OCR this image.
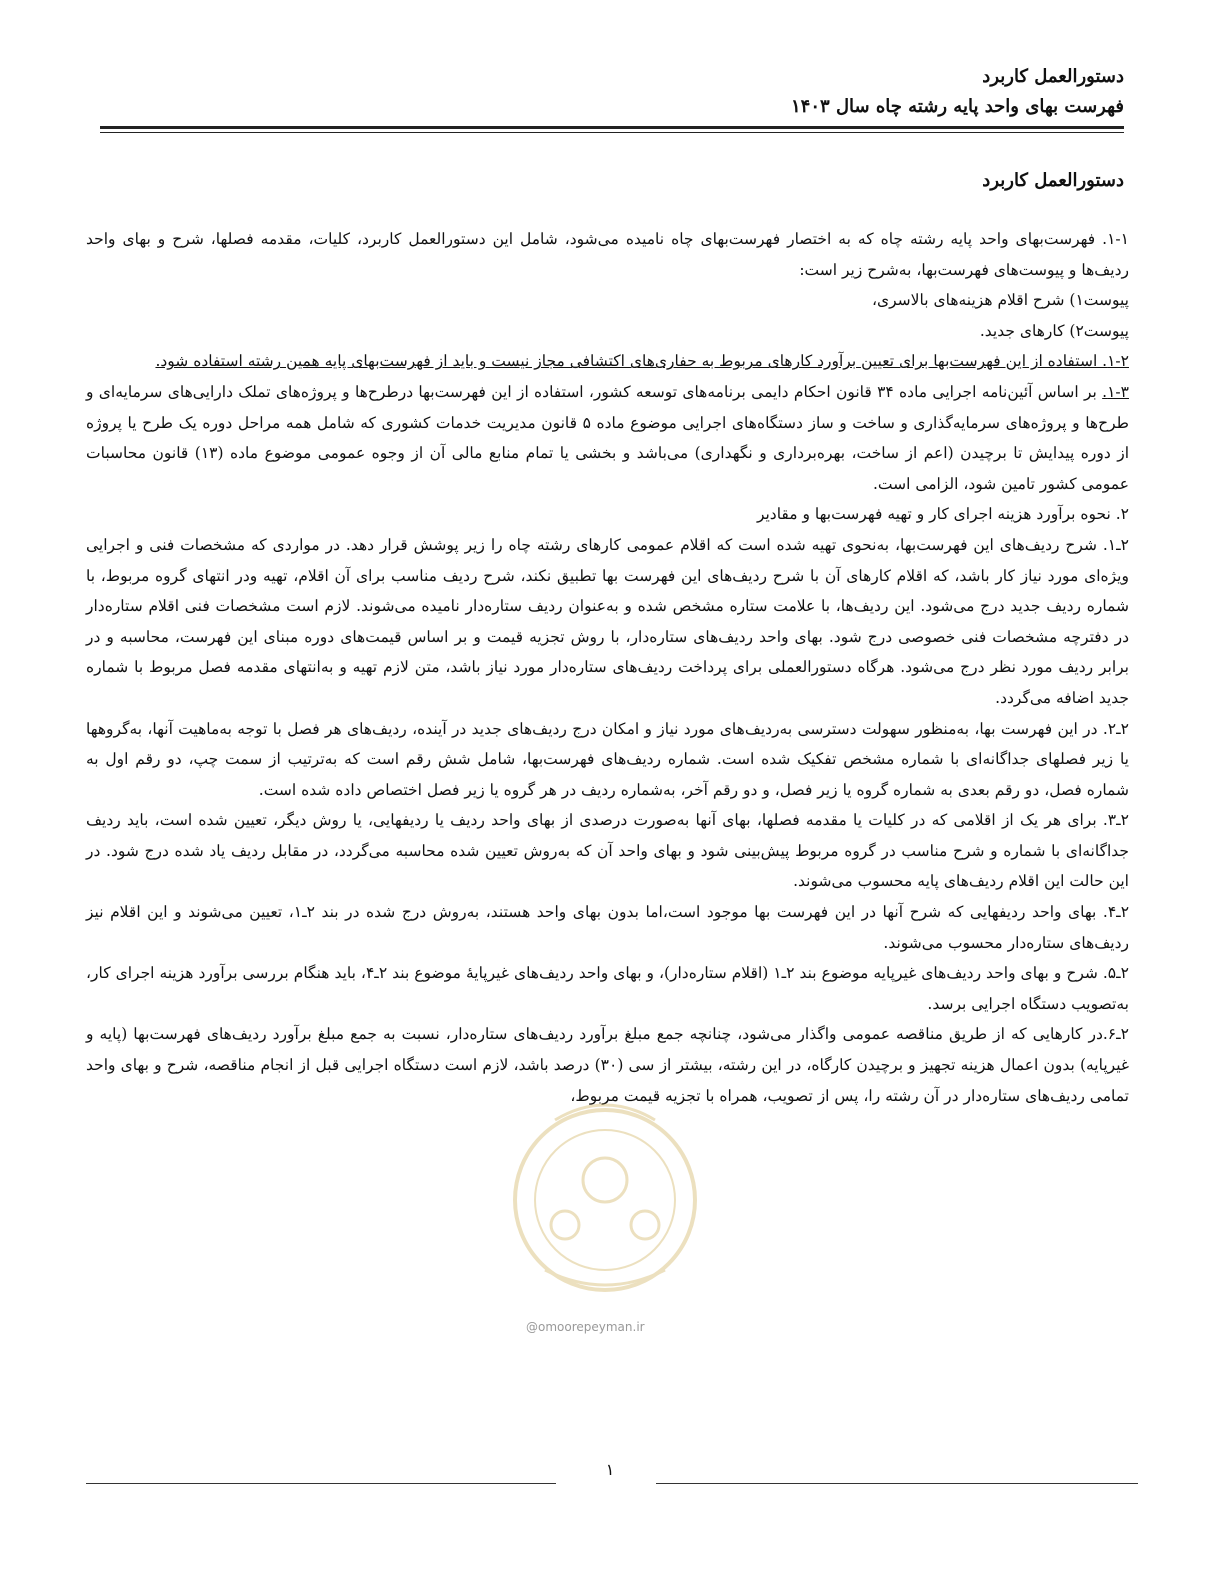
دستورالعمل کاربرد
فهرست بهای واحد پایه رشته چاه سال ۱۴۰۳
دستورالعمل کاربرد

۱-۱. فهرست‌بهای واحد پایه رشته چاه که به اختصار فهرست‌بهای چاه نامیده می‌شود، شامل این دستورالعمل کاربرد، کلیات، مقدمه فصلها، شرح و بهای واحد ردیف‌ها و پیوست‌های فهرست‌بها، به‌شرح زیر است:

پیوست۱) شرح اقلام هزینه‌های بالاسری،

پیوست۲) کارهای جدید.

۱-۲. استفاده از این فهرست‌بها برای تعیین برآورد کارهای مربوط به حفاری‌های اکتشافی مجاز نیست و باید از فهرست‌بهای پایه همین رشته استفاده شود.

۱-۳. بر اساس آئین‌نامه اجرایی ماده ۳۴ قانون احکام دایمی برنامه‌های توسعه کشور، استفاده از این فهرست‌بها درطرح‌ها و پروژه‌های تملک دارایی‌های سرمایه‌ای و طرح‌ها و پروژه‌های سرمایه‌گذاری و ساخت و ساز دستگاه‌های اجرایی موضوع ماده ۵ قانون مدیریت خدمات کشوری که شامل همه مراحل دوره یک طرح یا پروژه از دوره پیدایش تا برچیدن (اعم از ساخت، بهره‌برداری و نگهداری) می‌باشد و بخشی یا تمام منابع مالی آن از وجوه عمومی موضوع ماده (۱۳) قانون محاسبات عمومی کشور تامین شود، الزامی است.

۲. نحوه برآورد هزینه اجرای کار و تهیه فهرست‌بها و مقادیر

۲ـ۱. شرح ردیف‌های این فهرست‌بها، به‌نحوی تهیه شده است که اقلام عمومی کارهای رشته چاه را زیر پوشش قرار دهد. در مواردی که مشخصات فنی و اجرایی ویژه‌ای مورد نیاز کار باشد، که اقلام کارهای آن با شرح ردیف‌های این فهرست بها تطبیق نکند، شرح ردیف مناسب برای آن اقلام، تهیه ودر انتهای گروه مربوط، با شماره ردیف جدید درج می‌شود. این ردیف‌ها، با علامت ستاره مشخص شده و به‌عنوان ردیف ستاره‌دار نامیده می‌شوند. لازم است مشخصات فنی اقلام ستاره‌دار در دفترچه مشخصات فنی خصوصی درج شود. بهای واحد ردیف‌های ستاره‌دار، با روش تجزیه قیمت و بر اساس قیمت‌های دوره مبنای این فهرست، محاسبه و در برابر ردیف مورد نظر درج می‌شود. هرگاه دستورالعملی برای پرداخت ردیف‌های ستاره‌دار مورد نیاز باشد، متن لازم تهیه و به‌انتهای مقدمه فصل مربوط با شماره جدید اضافه می‌گردد.

۲ـ۲. در این فهرست بها، به‌منظور سهولت دسترسی به‌ردیف‌های مورد نیاز و امکان درج ردیف‌های جدید در آینده، ردیف‌های هر فصل با توجه به‌ماهیت آنها، به‌گروهها یا زیر فصلهای جداگانه‌ای با شماره مشخص تفکیک شده است. شماره ردیف‌های فهرست‌بها، شامل شش رقم است که به‌ترتیب از سمت چپ، دو رقم اول به شماره فصل، دو رقم بعدی به شماره گروه یا زیر فصل، و دو رقم آخر، به‌شماره ردیف در هر گروه یا زیر فصل اختصاص داده شده است.

۲ـ۳. برای هر یک از اقلامی که در کلیات یا مقدمه فصلها، بهای آنها به‌صورت درصدی از بهای واحد ردیف یا ردیفهایی، یا روش دیگر، تعیین شده است، باید ردیف جداگانه‌ای با شماره و شرح مناسب در گروه مربوط پیش‌بینی شود و بهای واحد آن که به‌روش تعیین شده محاسبه می‌گردد، در مقابل ردیف یاد شده درج شود. در این حالت این اقلام ردیف‌های پایه محسوب می‌شوند.

۲ـ۴. بهای واحد ردیفهایی که شرح آنها در این فهرست بها موجود است،اما بدون بهای واحد هستند، به‌روش درج شده در بند ۲ـ۱، تعیین می‌شوند و این اقلام نیز ردیف‌های ستاره‌دار محسوب می‌شوند.

۲ـ۵. شرح و بهای واحد ردیف‌های غیرپایه موضوع بند ۲ـ۱ (اقلام ستاره‌دار)، و بهای واحد ردیف‌های غیرپایهٔ موضوع بند ۲ـ۴، باید هنگام بررسی برآورد هزینه اجرای کار، به‌تصویب دستگاه اجرایی برسد.

۲ـ۶.در کارهایی که از طریق مناقصه عمومی واگذار می‌شود، چنانچه جمع مبلغ برآورد ردیف‌های ستاره‌دار، نسبت به جمع مبلغ برآورد ردیف‌های فهرست‌بها (پایه و غیرپایه) بدون اعمال هزینه تجهیز و برچیدن کارگاه، در این رشته، بیشتر از سی (۳۰) درصد باشد، لازم است دستگاه اجرایی قبل از انجام مناقصه، شرح و بهای واحد تمامی ردیف‌های ستاره‌دار در آن رشته را، پس از تصویب، همراه با تجزیه قیمت مربوط،

@omoorepeyman.ir
۱
